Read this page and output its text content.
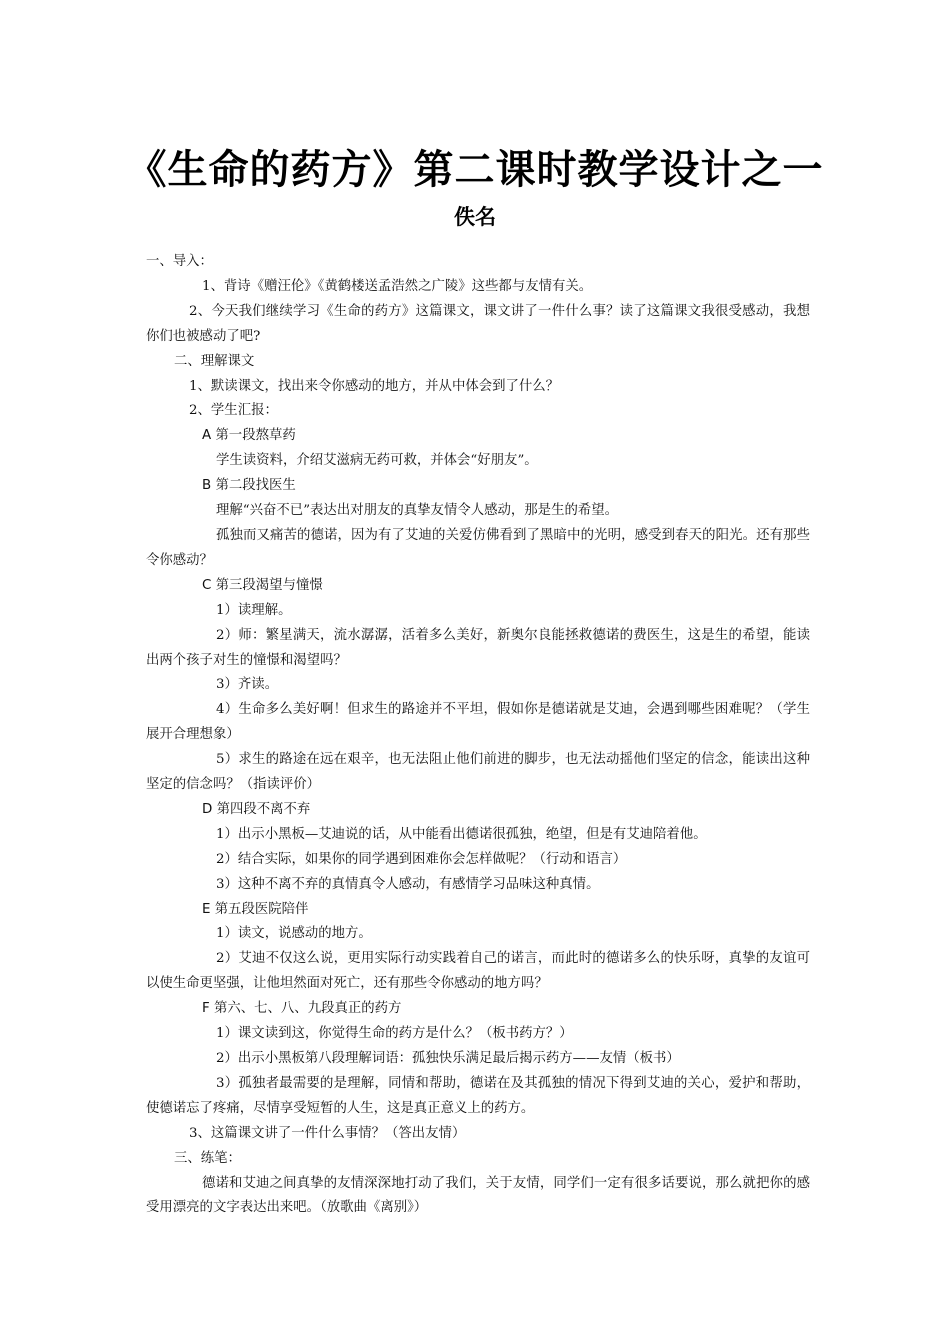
《生命的药方》第二课时教学设计之一
佚名

一、导入：

1、背诗《赠汪伦》《黄鹤楼送孟浩然之广陵》这些都与友情有关。

2、今天我们继续学习《生命的药方》这篇课文，课文讲了一件什么事？读了这篇课文我很受感动，我想你们也被感动了吧?

二、理解课文

1、默读课文，找出来令你感动的地方，并从中体会到了什么？

2、学生汇报：

A 第一段熬草药

学生读资料，介绍艾滋病无药可救，并体会“好朋友”。

B 第二段找医生

理解“兴奋不已”表达出对朋友的真挚友情令人感动，那是生的希望。

孤独而又痛苦的德诺，因为有了艾迪的关爱仿佛看到了黑暗中的光明，感受到春天的阳光。还有那些令你感动？

C 第三段渴望与憧憬

1）读理解。

2）师：繁星满天，流水潺潺，活着多么美好，新奥尔良能拯救德诺的费医生，这是生的希望，能读出两个孩子对生的憧憬和渴望吗？

3）齐读。

4）生命多么美好啊！但求生的路途并不平坦，假如你是德诺就是艾迪，会遇到哪些困难呢？（学生展开合理想象）

5）求生的路途在远在艰辛，也无法阻止他们前进的脚步，也无法动摇他们坚定的信念，能读出这种坚定的信念吗？（指读评价）

D 第四段不离不弃

1）出示小黑板—艾迪说的话，从中能看出德诺很孤独，绝望，但是有艾迪陪着他。

2）结合实际，如果你的同学遇到困难你会怎样做呢？（行动和语言）

3）这种不离不弃的真情真令人感动，有感情学习品味这种真情。

E 第五段医院陪伴

1）读文，说感动的地方。

2）艾迪不仅这么说，更用实际行动实践着自己的诺言，而此时的德诺多么的快乐呀，真挚的友谊可以使生命更坚强，让他坦然面对死亡，还有那些令你感动的地方吗？

F 第六、七、八、九段真正的药方

1）课文读到这，你觉得生命的药方是什么？（板书药方？）

2）出示小黑板第八段理解词语：孤独快乐满足最后揭示药方——友情（板书）

3）孤独者最需要的是理解，同情和帮助，德诺在及其孤独的情况下得到艾迪的关心，爱护和帮助，使德诺忘了疼痛，尽情享受短暂的人生，这是真正意义上的药方。

3、这篇课文讲了一件什么事情？（答出友情）

三、练笔：

德诺和艾迪之间真挚的友情深深地打动了我们，关于友情，同学们一定有很多话要说，那么就把你的感受用漂亮的文字表达出来吧。（放歌曲《离别》）
